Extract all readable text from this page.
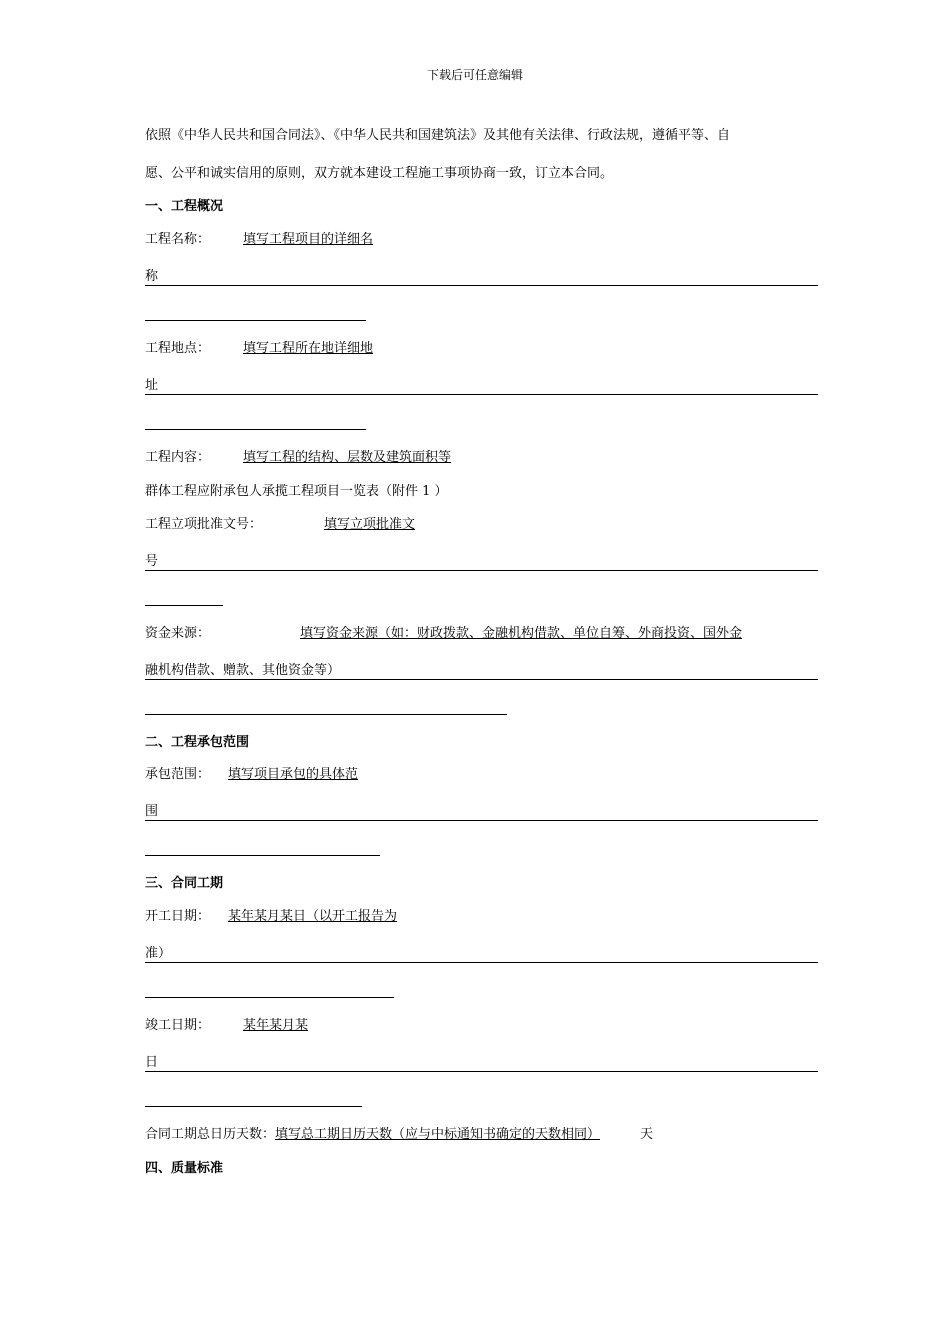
下载后可任意编辑
依照《中华人民共和国合同法》、《中华人民共和国建筑法》及其他有关法律、行政法规，遵循平等、自
愿、公平和诚实信用的原则，双方就本建设工程施工事项协商一致，订立本合同。
一、工程概况
工程名称：	填写工程项目的详细名
称
工程地点：	填写工程所在地详细地
址
工程内容：	填写工程的结构、层数及建筑面积等
群体工程应附承包人承揽工程项目一览表（附件 1 ）
工程立项批准文号：	填写立项批准文
号
资金来源：	填写资金来源（如：财政拨款、金融机构借款、单位自筹、外商投资、国外金
融机构借款、赠款、其他资金等）
二、工程承包范围
承包范围： 填写项目承包的具体范
围
三、合同工期
开工日期： 某年某月某日（以开工报告为
准）
竣工日期：	某年某月某
日
合同工期总日历天数：填写总工期日历天数（应与中标通知书确定的天数相同）	天
四、质量标准
